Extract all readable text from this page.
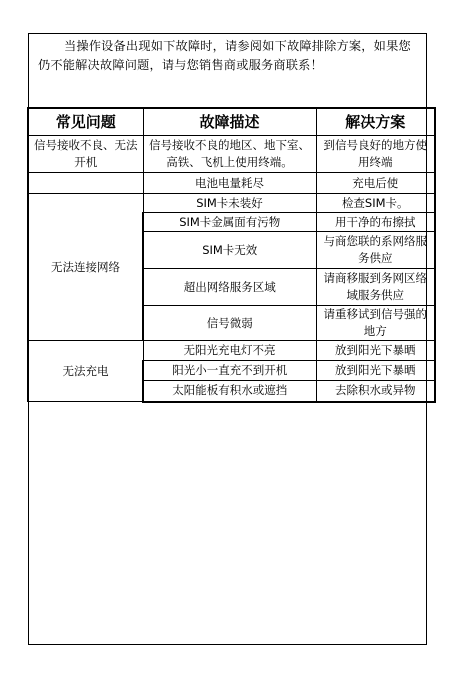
当操作设备出现如下故障时，请参阅如下故障排除方案，如果您仍不能解决故障问题，请与您销售商或服务商联系！

常见问题	故障描述	解决方案
信号接收不良、无法开机	信号接收不良的地区、地下室、高铁、飞机上使用终端。	到信号良好的地方使用终端
	电池电量耗尽	充电后使
无法连接网络	SIM卡未装好	检查SIM卡。
	SIM卡金属面有污物	用干净的布擦拭
	SIM卡无效	与商您联的系网络服务供应
	超出网络服务区域	请商移服到务网区络域服务供应
	信号微弱	请重移试到信号强的地方
无法充电	无阳光充电灯不亮	放到阳光下暴晒
	阳光小一直充不到开机	放到阳光下暴晒
	太阳能板有积水或遮挡	去除积水或异物
